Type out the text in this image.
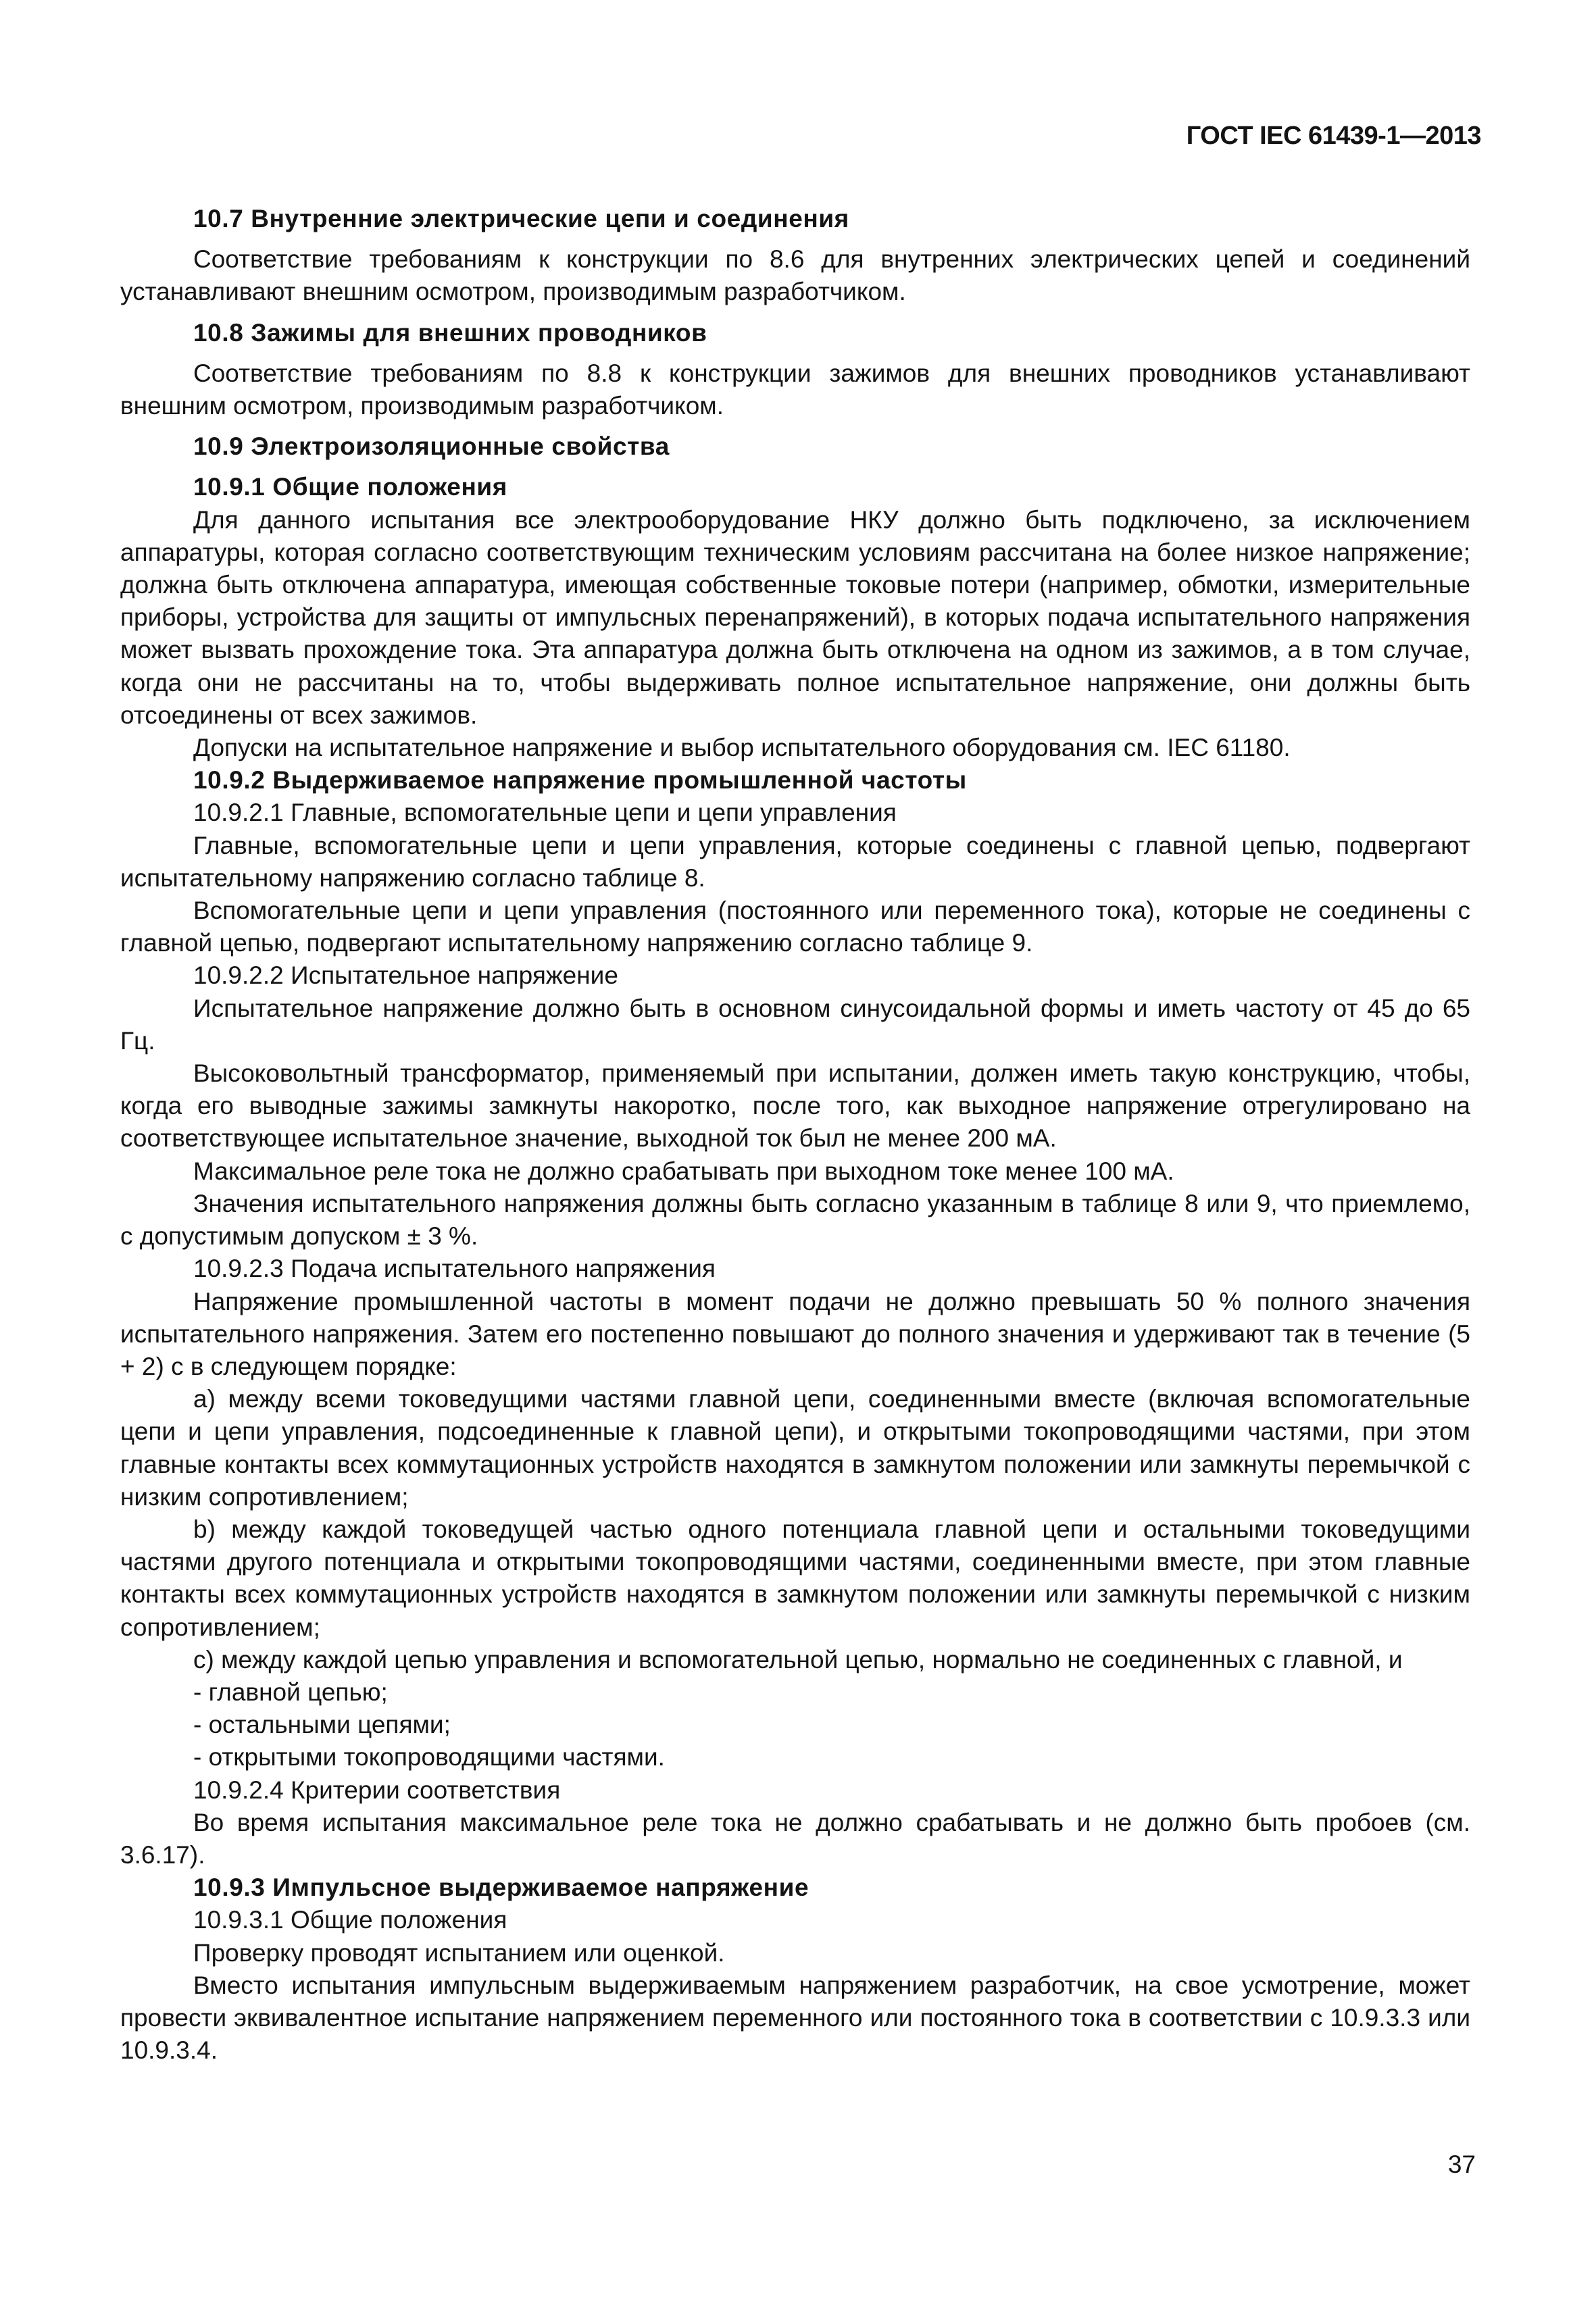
ГОСТ IEC 61439-1—2013

10.7 Внутренние электрические цепи и соединения

Соответствие требованиям к конструкции по 8.6 для внутренних электрических цепей и соединений устанавливают внешним осмотром, производимым разработчиком.

10.8 Зажимы для внешних проводников

Соответствие требованиям по 8.8 к конструкции зажимов для внешних проводников устанавливают внешним осмотром, производимым разработчиком.

10.9 Электроизоляционные свойства

10.9.1 Общие положения

Для данного испытания все электрооборудование НКУ должно быть подключено, за исключением аппаратуры, которая согласно соответствующим техническим условиям рассчитана на более низкое напряжение; должна быть отключена аппаратура, имеющая собственные токовые потери (например, обмотки, измерительные приборы, устройства для защиты от импульсных перенапряжений), в которых подача испытательного напряжения может вызвать прохождение тока. Эта аппаратура должна быть отключена на одном из зажимов, а в том случае, когда они не рассчитаны на то, чтобы выдерживать полное испытательное напряжение, они должны быть отсоединены от всех зажимов.

Допуски на испытательное напряжение и выбор испытательного оборудования см. IEC 61180.

10.9.2 Выдерживаемое напряжение промышленной частоты

10.9.2.1 Главные, вспомогательные цепи и цепи управления

Главные, вспомогательные цепи и цепи управления, которые соединены с главной цепью, подвергают испытательному напряжению согласно таблице 8.

Вспомогательные цепи и цепи управления (постоянного или переменного тока), которые не соединены с главной цепью, подвергают испытательному напряжению согласно таблице 9.

10.9.2.2 Испытательное напряжение

Испытательное напряжение должно быть в основном синусоидальной формы и иметь частоту от 45 до 65 Гц.

Высоковольтный трансформатор, применяемый при испытании, должен иметь такую конструкцию, чтобы, когда его выводные зажимы замкнуты накоротко, после того, как выходное напряжение отрегулировано на соответствующее испытательное значение, выходной ток был не менее 200 мА.

Максимальное реле тока не должно срабатывать при выходном токе менее 100 мА.

Значения испытательного напряжения должны быть согласно указанным в таблице 8 или 9, что приемлемо, с допустимым допуском ± 3 %.

10.9.2.3 Подача испытательного напряжения

Напряжение промышленной частоты в момент подачи не должно превышать 50 % полного значения испытательного напряжения. Затем его постепенно повышают до полного значения и удерживают так в течение (5 + 2) с в следующем порядке:

а) между всеми токоведущими частями главной цепи, соединенными вместе (включая вспомогательные цепи и цепи управления, подсоединенные к главной цепи), и открытыми токопроводящими частями, при этом главные контакты всех коммутационных устройств находятся в замкнутом положении или замкнуты перемычкой с низким сопротивлением;

b) между каждой токоведущей частью одного потенциала главной цепи и остальными токоведущими частями другого потенциала и открытыми токопроводящими частями, соединенными вместе, при этом главные контакты всех коммутационных устройств находятся в замкнутом положении или замкнуты перемычкой с низким сопротивлением;

с) между каждой цепью управления и вспомогательной цепью, нормально не соединенных с главной, и

- главной цепью;

- остальными цепями;

- открытыми токопроводящими частями.

10.9.2.4 Критерии соответствия

Во время испытания максимальное реле тока не должно срабатывать и не должно быть пробоев (см. 3.6.17).

10.9.3 Импульсное выдерживаемое напряжение

10.9.3.1 Общие положения

Проверку проводят испытанием или оценкой.

Вместо испытания импульсным выдерживаемым напряжением разработчик, на свое усмотрение, может провести эквивалентное испытание напряжением переменного или постоянного тока в соответствии с 10.9.3.3 или 10.9.3.4.

37
